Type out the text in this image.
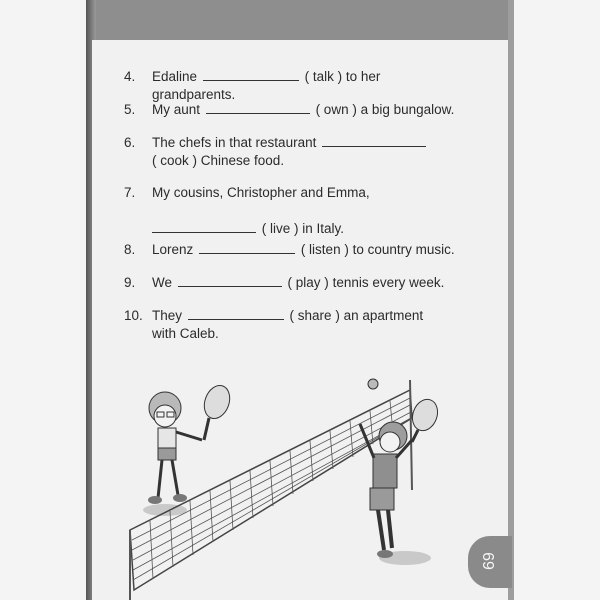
4.	Edaline	( talk ) to her grandparents.
5.	My aunt	( own ) a big bungalow.
6.	The chefs in that restaurant
( cook ) Chinese food.
7.	My cousins, Christopher and Emma,

( live ) in Italy.
8.	Lorenz	( listen ) to country music.
9.	We	( play ) tennis every week.
10. They	( share ) an apartment
with Caleb.
69
